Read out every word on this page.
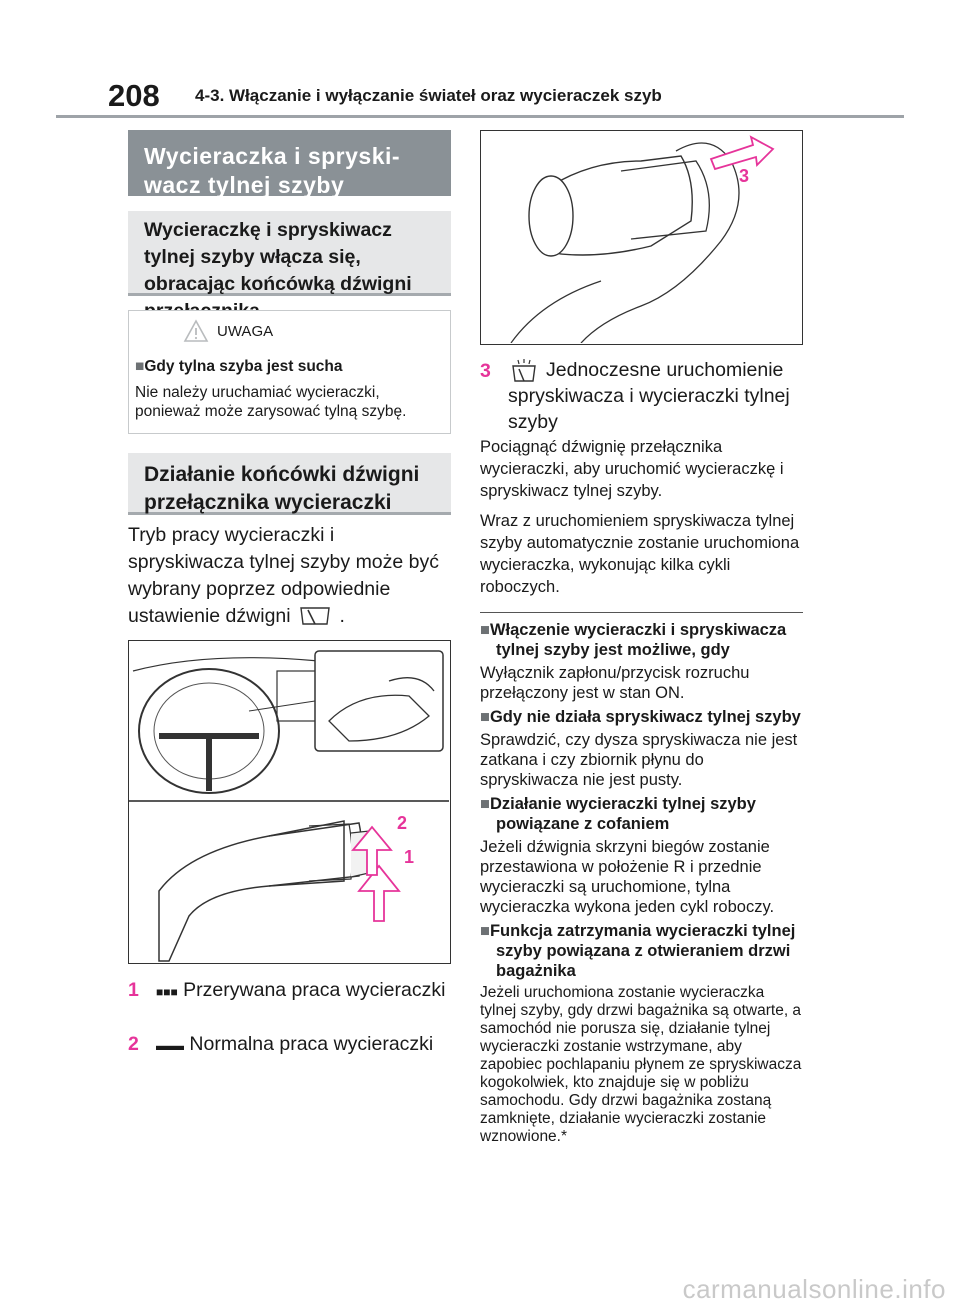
208 4-3. Włączanie i wyłączanie świateł oraz wycieraczek szyb
Wycieraczka i spryski-
wacz tylnej szyby
Wycieraczkę i spryskiwacz tylnej szyby włącza się, obracając końcówką dźwigni
UWAGA
■Gdy tylna szyba jest sucha
Nie należy uruchamiać wycieraczki, ponieważ może zarysować tylną szybę.
Działanie końcówki dźwigni przełącznika wycieraczki
Tryb pracy wycieraczki i spryskiwacza tylnej szyby może być wybrany poprzez odpowiednie ustawienie dźwigni	.
2
1
1	■■■ Przerywana praca wycieraczki
2	▬▬ Normalna praca wycieraczki
3
3	Jednoczesne uruchomienie spryskiwacza i wycieraczki tylnej szyby
Pociągnąć dźwignię przełącznika wycieraczki, aby uruchomić wycieraczkę i spryskiwacz tylnej szyby.
Wraz z uruchomieniem spryskiwacza tylnej szyby automatycznie zostanie uruchomiona wycieraczka, wykonując kilka cykli roboczych.
■Włączenie wycieraczki i spryskiwacza tylnej szyby jest możliwe, gdy
Wyłącznik zapłonu/przycisk rozruchu przełączony jest w stan ON.
■Gdy nie działa spryskiwacz tylnej szyby
Sprawdzić, czy dysza spryskiwacza nie jest zatkana i czy zbiornik płynu do spryskiwacza nie jest pusty.
■Działanie wycieraczki tylnej szyby powiązane z cofaniem
Jeżeli dźwignia skrzyni biegów zostanie przestawiona w położenie R i przednie wycieraczki są uruchomione, tylna wycieraczka wykona jeden cykl roboczy.
■Funkcja zatrzymania wycieraczki tylnej szyby powiązana z otwieraniem drzwi bagażnika
Jeżeli uruchomiona zostanie wycieraczka tylnej szyby, gdy drzwi bagażnika są otwarte, a samochód nie porusza się, działanie tylnej wycieraczki zostanie wstrzymane, aby zapobiec pochlapaniu płynem ze spryskiwacza kogokolwiek, kto znajduje się w pobliżu samochodu. Gdy drzwi bagażnika zostaną zamknięte, działanie wycieraczki zostanie wznowione.*
carmanualsonline.info
